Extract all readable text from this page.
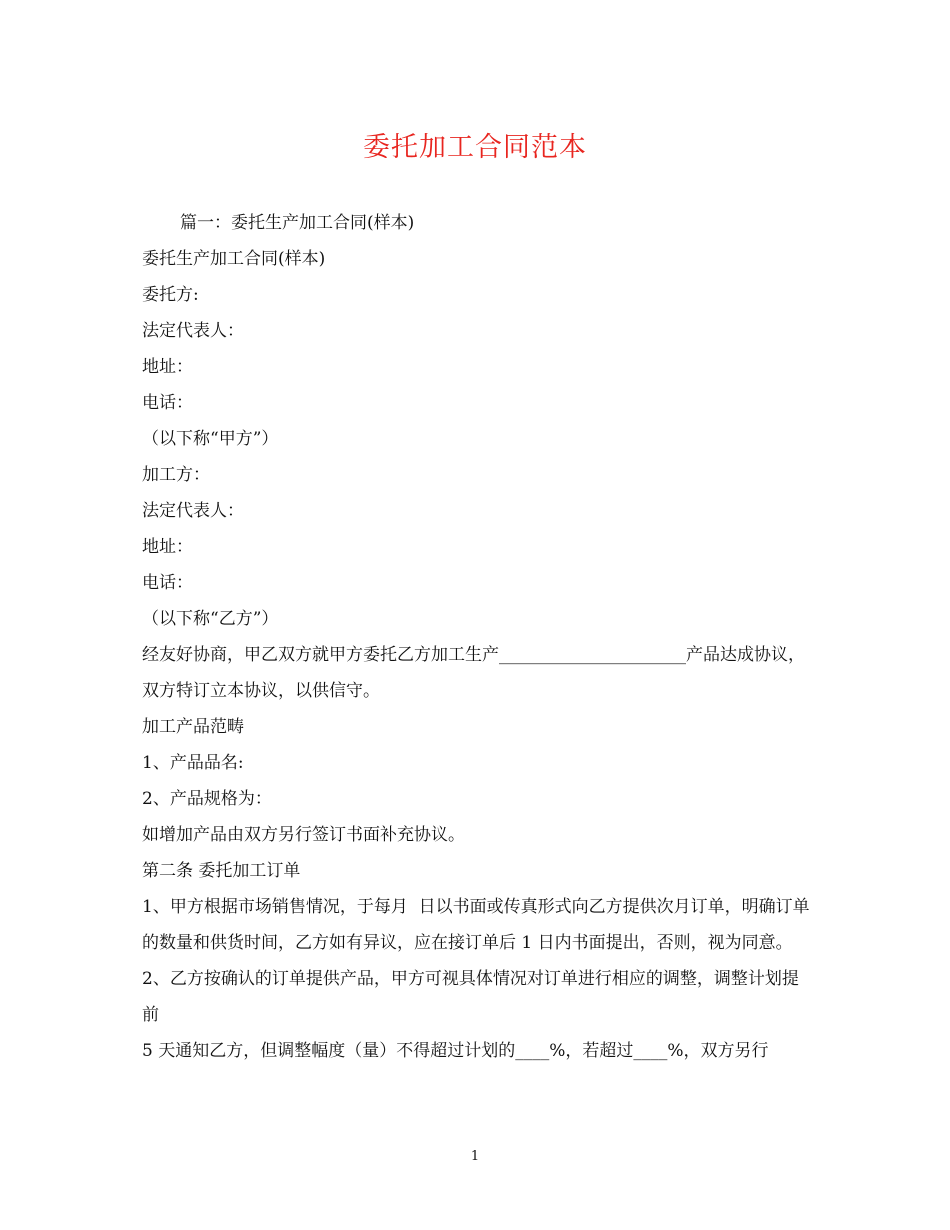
委托加工合同范本

篇一：委托生产加工合同(样本)

委托生产加工合同(样本)

委托方:

法定代表人：

地址：

电话：

（以下称“甲方”）

加工方：

法定代表人：

地址：

电话：

（以下称“乙方”）

经友好协商，甲乙双方就甲方委托乙方加工生产______________________产品达成协议，双方特订立本协议，以供信守。

加工产品范畴

1、产品品名:

2、产品规格为：

如增加产品由双方另行签订书面补充协议。

第二条 委托加工订单

1、甲方根据市场销售情况，于每月  日以书面或传真形式向乙方提供次月订单，明确订单的数量和供货时间，乙方如有异议，应在接订单后 1 日内书面提出，否则，视为同意。

2、乙方按确认的订单提供产品，甲方可视具体情况对订单进行相应的调整，调整计划提前

5 天通知乙方，但调整幅度（量）不得超过计划的____%，若超过____%，双方另行

1
